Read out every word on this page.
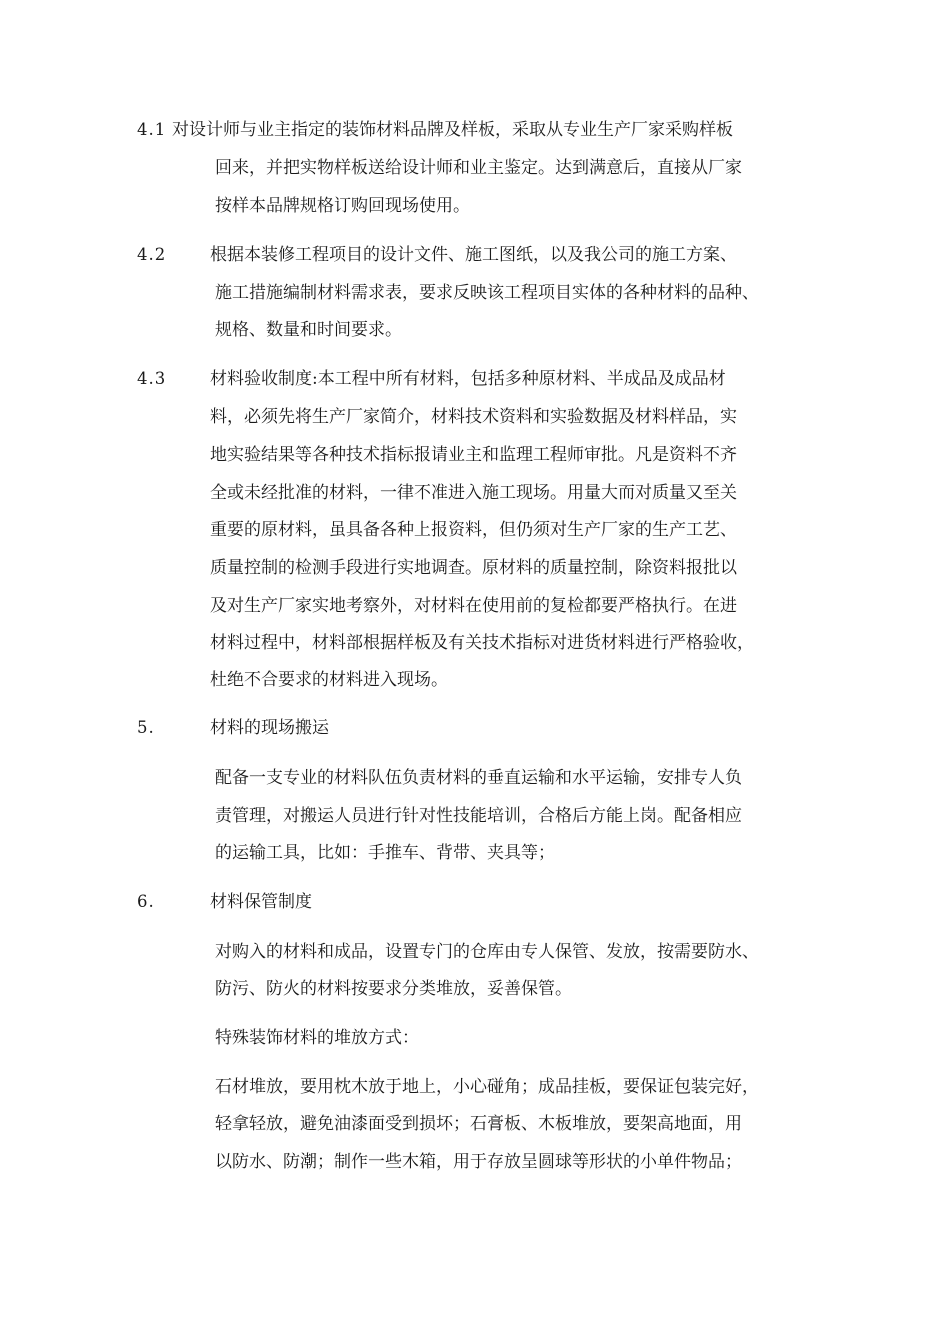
4.1 对设计师与业主指定的装饰材料品牌及样板，采取从专业生产厂家采购样板
回来，并把实物样板送给设计师和业主鉴定。达到满意后，直接从厂家
按样本品牌规格订购回现场使用。
4.2	根据本装修工程项目的设计文件、施工图纸，以及我公司的施工方案、
施工措施编制材料需求表，要求反映该工程项目实体的各种材料的品种、
规格、数量和时间要求。
4.3	材料验收制度:本工程中所有材料，包括多种原材料、半成品及成品材
料，必须先将生产厂家简介，材料技术资料和实验数据及材料样品，实
地实验结果等各种技术指标报请业主和监理工程师审批。凡是资料不齐
全或未经批准的材料，一律不准进入施工现场。用量大而对质量又至关
重要的原材料，虽具备各种上报资料，但仍须对生产厂家的生产工艺、
质量控制的检测手段进行实地调查。原材料的质量控制，除资料报批以
及对生产厂家实地考察外，对材料在使用前的复检都要严格执行。在进
材料过程中，材料部根据样板及有关技术指标对进货材料进行严格验收，
杜绝不合要求的材料进入现场。
5.	材料的现场搬运
配备一支专业的材料队伍负责材料的垂直运输和水平运输，安排专人负
责管理，对搬运人员进行针对性技能培训，合格后方能上岗。配备相应
的运输工具，比如：手推车、背带、夹具等；
6.	材料保管制度
对购入的材料和成品，设置专门的仓库由专人保管、发放，按需要防水、
防污、防火的材料按要求分类堆放，妥善保管。
特殊装饰材料的堆放方式：
石材堆放，要用枕木放于地上，小心碰角；成品挂板，要保证包装完好，
轻拿轻放，避免油漆面受到损坏；石膏板、木板堆放，要架高地面，用
以防水、防潮；制作一些木箱，用于存放呈圆球等形状的小单件物品；
